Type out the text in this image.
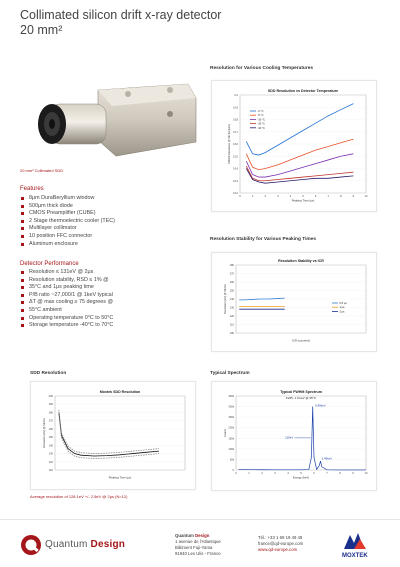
Collimated silicon drift x-ray detector
20 mm²
20 mm² Collimated SDD
Features
8μm DuraBeryllium window
500μm thick diode
CMOS Preamplifier (CUBE)
2 Stage thermoelectric cooler (TEC)
Multilayer collimator
10 position FFC connector
Aluminum enclosure
Detector Performance
Resolution ≤ 131eV @ 2μs
Resolution stability, RSD ≤ 1% @
35°C and 1μs peaking time
P/B ratio ~27,000/1 @ 1keV typical
ΔT @ max cooling ≥ 75 degrees @
55°C ambient
Operating temperature 0°C to 50°C
Storage temperature -40°C to 70°C
Resolution for Various Cooling Temperatures
Resolution Stability for Various Peaking Times
SDD Resolution	Typical Spectrum
SDD Resolution vs Detector Temperature
0.12
0.13
0.14
0.15
0.16
0.17
0.18
0.19
0.2
0	1	2	3	4	5	6	7	8	9	10
Peaking Time (μs)
FWHM Resolution @ Mn Kα (keV)
-0 °C
-5 °C
-10 °C
-20 °C
-30 °C
Resolution Stability vs ICR
100
110
120
130
140
150
160
170
180
ICR (counts/s)
Resolution (eV) @ Mn Kα	0.5 μs
1 μs
2 μs
Moxtek SDD Resolution
110
120
130
140
150
160
170
180
190
200
Peaking Time (μs)
Resolution (eV) @ Mn Kα
Typical FWHM Spectrum
Fe55, 1.0 keV @ 35°C
0
50k
100k
150k
200k
250k
300k
350k
0	1	2	3	4	5	6	7	8	9	10
Energy (keV)
Counts
128eV
5.89keV
6.49keV
Average resolution of 128.1eV +/- 2.5eV @ 2μs (N=12)
Quantum Design
Quantum Design
1 avenue de l'Atlantique
Bâtiment Fuji-Yama
91940 Les Ulis - France
Tél.: +33 1 69 19 49 49
france@qd-europe.com
www.qd-europe.com
MOXTEK
